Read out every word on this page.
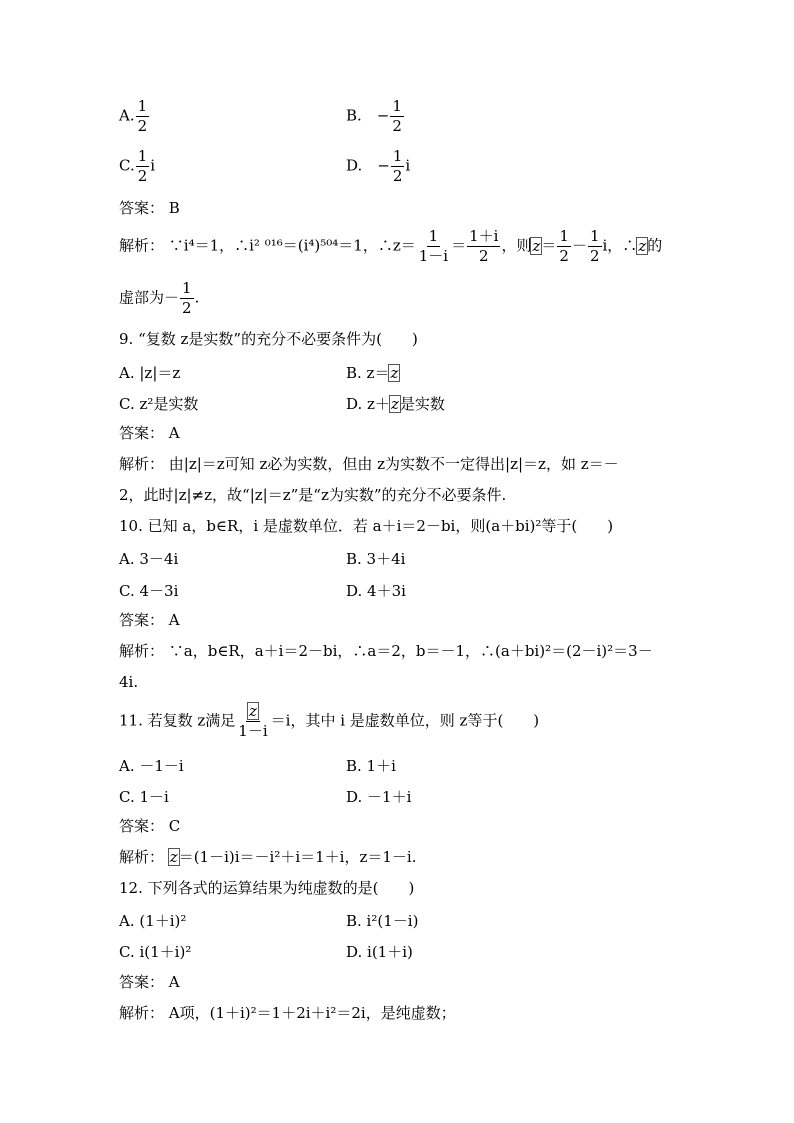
A. $\frac{1}{2}$	B.　− $\frac{1}{2}$
C. $\frac{1}{2}$ i	D.　− $\frac{1}{2}$ i
答案： B
解析： ∵i⁴＝1，∴i² ⁰¹⁶＝(i⁴)⁵⁰⁴＝1，∴z＝ $\frac{1}{1-i} = \frac{1+i}{2}$ ，则$z= \frac{1}{2} - \frac{1}{2}$ i，∴z的
虚部为－ $\frac{1}{2}$ .
9. “复数 z是实数”的充分不必要条件为(　　)
A. |z|＝z	B. z＝z
C. z²是实数	D. z＋z是实数
答案： A
解析： 由|z|＝z可知 z必为实数，但由 z为实数不一定得出|z|＝z，如 z＝－
2，此时|z|≠z，故“|z|＝z”是“z为实数”的充分不必要条件.
10. 已知 a，b∈R，i 是虚数单位．若 a＋i＝2－bi，则(a＋bi)²等于(　　)
A. 3－4i	B. 3＋4i
C. 4－3i	D. 4＋3i
答案： A
解析： ∵a，b∈R，a＋i＝2－bi，∴a＝2，b＝－1，∴(a＋bi)²＝(2－i)²＝3－
4i.
11. 若复数 z满足 $\frac{z}{1-i} =i$，其中 i 是虚数单位，则 z等于(　　)
A. －1－i	B. 1＋i
C. 1－i	D. －1＋i
答案： C
解析： z＝(1－i)i＝－i²＋i＝1＋i，z＝1－i.
12. 下列各式的运算结果为纯虚数的是(　　)
A. (1＋i)²	B. i²(1－i)
C. i(1＋i)²	D. i(1＋i)
答案： A
解析： A项，(1＋i)²＝1＋2i＋i²＝2i，是纯虚数；
